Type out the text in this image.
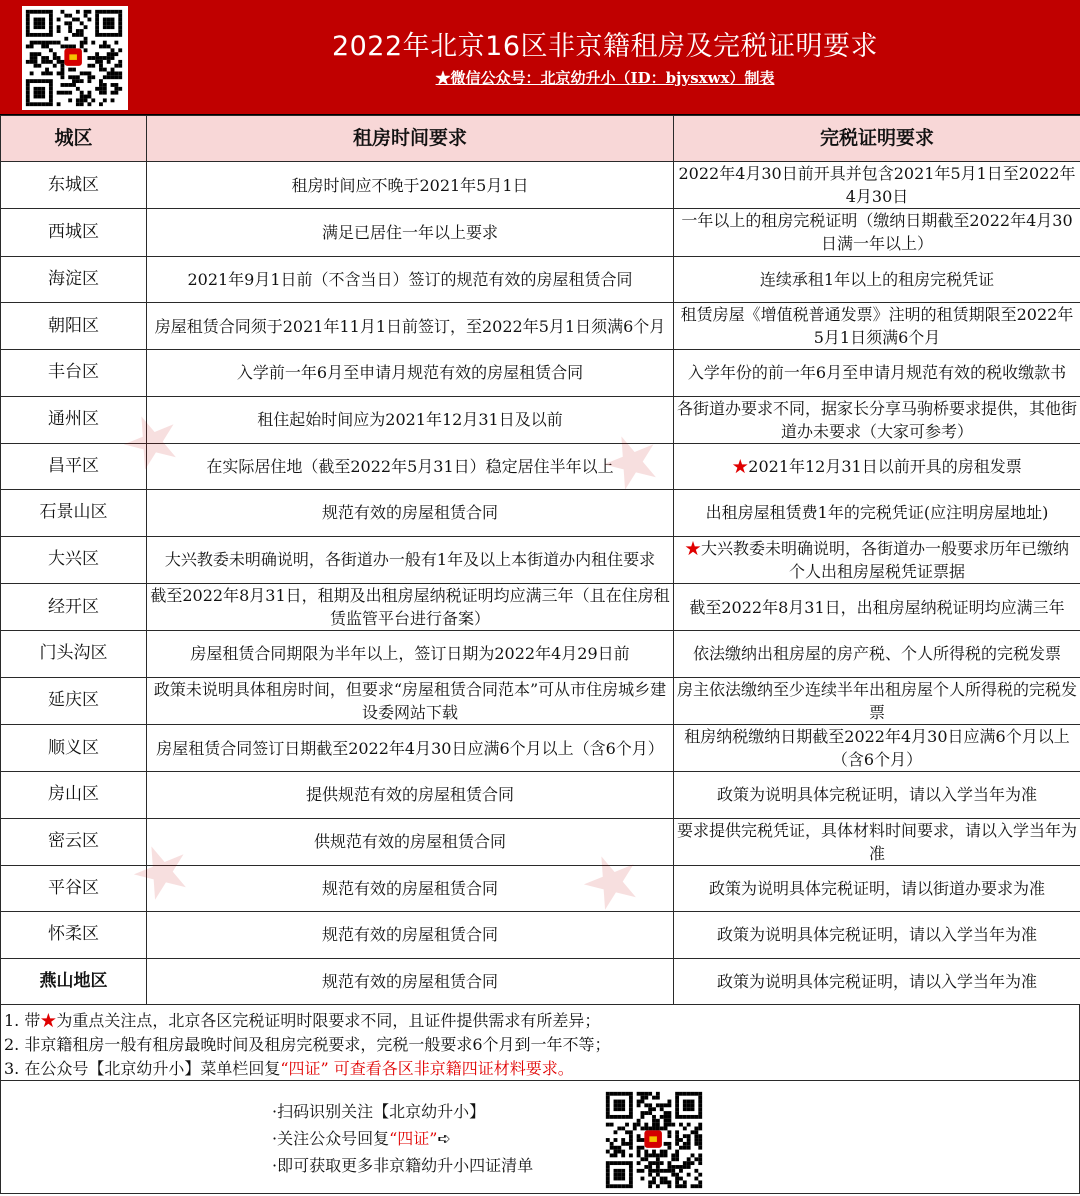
2022年北京16区非京籍租房及完税证明要求
★微信公众号：北京幼升小（ID：bjysxwx）制表
城区	租房时间要求	完税证明要求
东城区	租房时间应不晚于2021年5月1日	2022年4月30日前开具并包含2021年5月1日至2022年4月30日
西城区	满足已居住一年以上要求	一年以上的租房完税证明（缴纳日期截至2022年4月30日满一年以上）
海淀区	2021年9月1日前（不含当日）签订的规范有效的房屋租赁合同	连续承租1年以上的租房完税凭证
朝阳区	房屋租赁合同须于2021年11月1日前签订，至2022年5月1日须满6个月	租赁房屋《增值税普通发票》注明的租赁期限至2022年5月1日须满6个月
丰台区	入学前一年6月至申请月规范有效的房屋租赁合同	入学年份的前一年6月至申请月规范有效的税收缴款书
通州区	租住起始时间应为2021年12月31日及以前	各街道办要求不同，据家长分享马驹桥要求提供，其他街道办未要求（大家可参考）
昌平区	在实际居住地（截至2022年5月31日）稳定居住半年以上	★2021年12月31日以前开具的房租发票
石景山区	规范有效的房屋租赁合同	出租房屋租赁费1年的完税凭证(应注明房屋地址)
大兴区	大兴教委未明确说明，各街道办一般有1年及以上本街道办内租住要求	★大兴教委未明确说明，各街道办一般要求历年已缴纳个人出租房屋税凭证票据
经开区	截至2022年8月31日，租期及出租房屋纳税证明均应满三年（且在住房租赁监管平台进行备案）	截至2022年8月31日，出租房屋纳税证明均应满三年
门头沟区	房屋租赁合同期限为半年以上，签订日期为2022年4月29日前	依法缴纳出租房屋的房产税、个人所得税的完税发票
延庆区	政策未说明具体租房时间，但要求“房屋租赁合同范本”可从市住房城乡建设委网站下载	房主依法缴纳至少连续半年出租房屋个人所得税的完税发票
顺义区	房屋租赁合同签订日期截至2022年4月30日应满6个月以上（含6个月）	租房纳税缴纳日期截至2022年4月30日应满6个月以上（含6个月）
房山区	提供规范有效的房屋租赁合同	政策为说明具体完税证明，请以入学当年为准
密云区	供规范有效的房屋租赁合同	要求提供完税凭证，具体材料时间要求，请以入学当年为准
平谷区	规范有效的房屋租赁合同	政策为说明具体完税证明，请以街道办要求为准
怀柔区	规范有效的房屋租赁合同	政策为说明具体完税证明，请以入学当年为准
燕山地区	规范有效的房屋租赁合同	政策为说明具体完税证明，请以入学当年为准
1. 带★为重点关注点，北京各区完税证明时限要求不同，且证件提供需求有所差异；
2. 非京籍租房一般有租房最晚时间及租房完税要求，完税一般要求6个月到一年不等；
3. 在公众号【北京幼升小】菜单栏回复“四证” 可查看各区非京籍四证材料要求。
·扫码识别关注【北京幼升小】
·关注公众号回复“四证”➪
·即可获取更多非京籍幼升小四证清单
★	★
★	★
